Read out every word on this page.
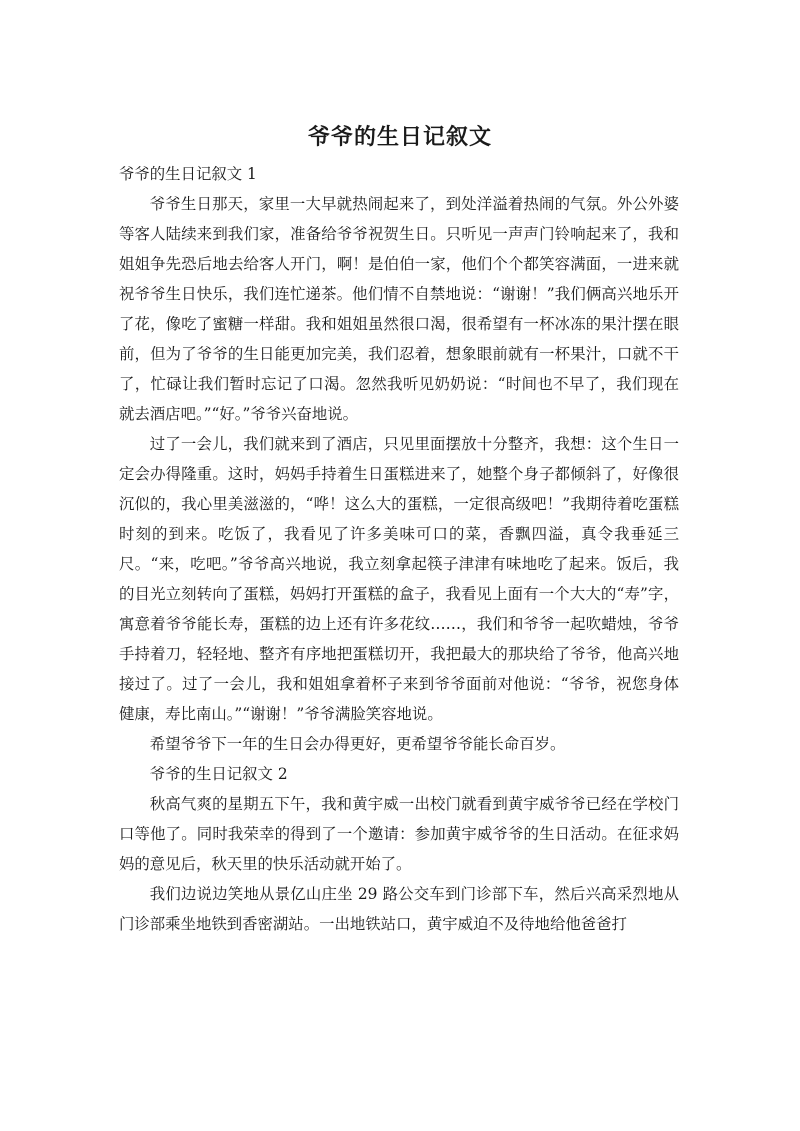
爷爷的生日记叙文

爷爷的生日记叙文 1

爷爷生日那天，家里一大早就热闹起来了，到处洋溢着热闹的气氛。外公外婆等客人陆续来到我们家，准备给爷爷祝贺生日。只听见一声声门铃响起来了，我和姐姐争先恐后地去给客人开门，啊！是伯伯一家，他们个个都笑容满面，一进来就祝爷爷生日快乐，我们连忙递茶。他们情不自禁地说：“谢谢！”我们俩高兴地乐开了花，像吃了蜜糖一样甜。我和姐姐虽然很口渴，很希望有一杯冰冻的果汁摆在眼前，但为了爷爷的生日能更加完美，我们忍着，想象眼前就有一杯果汁，口就不干了，忙碌让我们暂时忘记了口渴。忽然我听见奶奶说：“时间也不早了，我们现在就去酒店吧。”“好。”爷爷兴奋地说。

过了一会儿，我们就来到了酒店，只见里面摆放十分整齐，我想：这个生日一定会办得隆重。这时，妈妈手持着生日蛋糕进来了，她整个身子都倾斜了，好像很沉似的，我心里美滋滋的，“哗！这么大的蛋糕，一定很高级吧！”我期待着吃蛋糕时刻的到来。吃饭了，我看见了许多美味可口的菜，香飘四溢，真令我垂延三尺。“来，吃吧。”爷爷高兴地说，我立刻拿起筷子津津有味地吃了起来。饭后，我的目光立刻转向了蛋糕，妈妈打开蛋糕的盒子，我看见上面有一个大大的“寿”字，寓意着爷爷能长寿，蛋糕的边上还有许多花纹……，我们和爷爷一起吹蜡烛，爷爷手持着刀，轻轻地、整齐有序地把蛋糕切开，我把最大的那块给了爷爷，他高兴地接过了。过了一会儿，我和姐姐拿着杯子来到爷爷面前对他说：“爷爷，祝您身体健康，寿比南山。”“谢谢！”爷爷满脸笑容地说。

希望爷爷下一年的生日会办得更好，更希望爷爷能长命百岁。

爷爷的生日记叙文 2

秋高气爽的星期五下午，我和黄宇威一出校门就看到黄宇威爷爷已经在学校门口等他了。同时我荣幸的得到了一个邀请：参加黄宇威爷爷的生日活动。在征求妈妈的意见后，秋天里的快乐活动就开始了。

我们边说边笑地从景亿山庄坐 29 路公交车到门诊部下车，然后兴高采烈地从门诊部乘坐地铁到香密湖站。一出地铁站口，黄宇威迫不及待地给他爸爸打
